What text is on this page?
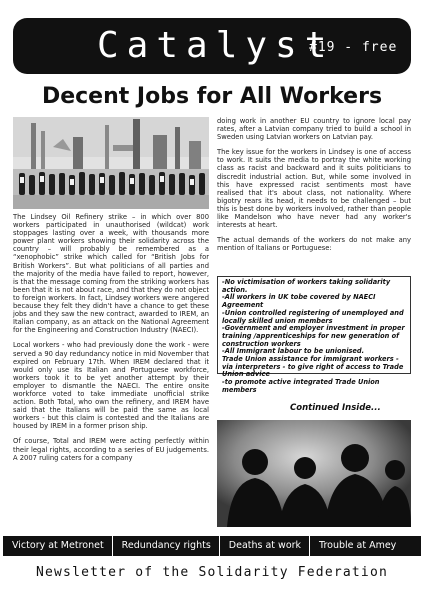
Catalyst
#19 - free
Decent Jobs for All Workers

The Lindsey Oil Refinery strike – in which over 800 workers participated in unauthorised (wildcat) work stoppages lasting over a week, with thousands more power plant workers showing their solidarity across the country – will probably be remembered as a “xenophobic” strike which called for “British Jobs for British Workers”. But what politicians of all parties and the majority of the media have failed to report, however, is that the message coming from the striking workers has been that it is not about race, and that they do not object to foreign workers. In fact, Lindsey workers were angered because they felt they didn't have a chance to get these jobs and they saw the new contract, awarded to IREM, an Italian company, as an attack on the National Agreement for the Engineering and Construction Industry (NAECI).

Local workers - who had previously done the work - were served a 90 day redundancy notice in mid November that expired on February 17th. When IREM declared that it would only use its Italian and Portuguese workforce, workers took it to be yet another attempt by their employer to dismantle the NAECI. The entire onsite workforce voted to take immediate unofficial strike action. Both Total, who own the refinery, and IREM have said that the Italians will be paid the same as local workers - but this claim is contested and the Italians are housed by IREM in a former prison ship.

Of course, Total and IREM were acting perfectly within their legal rights, according to a series of EU judgements. A 2007 ruling caters for a company

doing work in another EU country to ignore local pay rates, after a Latvian company tried to build a school in Sweden using Latvian workers on Latvian pay.

The key issue for the workers in Lindsey is one of access to work. It suits the media to portray the white working class as racist and backward and it suits politicians to discredit industrial action. But, while some involved in this have expressed racist sentiments most have realised that it's about class, not nationality. Where bigotry rears its head, it needs to be challenged – but this is best done by workers involved, rather than people like Mandelson who have never had any worker's interests at heart.

The actual demands of the workers do not make any mention of Italians or Portuguese:

-No victimisation of workers taking solidarity action.
-All workers in UK tobe covered by NAECI Agreement
-Union controlled registering of unemployed and locally skilled union members
-Government and employer investment in proper training /apprenticeships for new generation of construction workers
-All Immigrant labour to be unionised.
Trade Union assistance for immigrant workers - via interpreters - to give right of access to Trade Union advice
-to promote active integrated Trade Union members
Continued Inside...
Victory at Metronet	Redundancy rights	Deaths at work	Trouble at Amey
Newsletter of the Solidarity Federation
